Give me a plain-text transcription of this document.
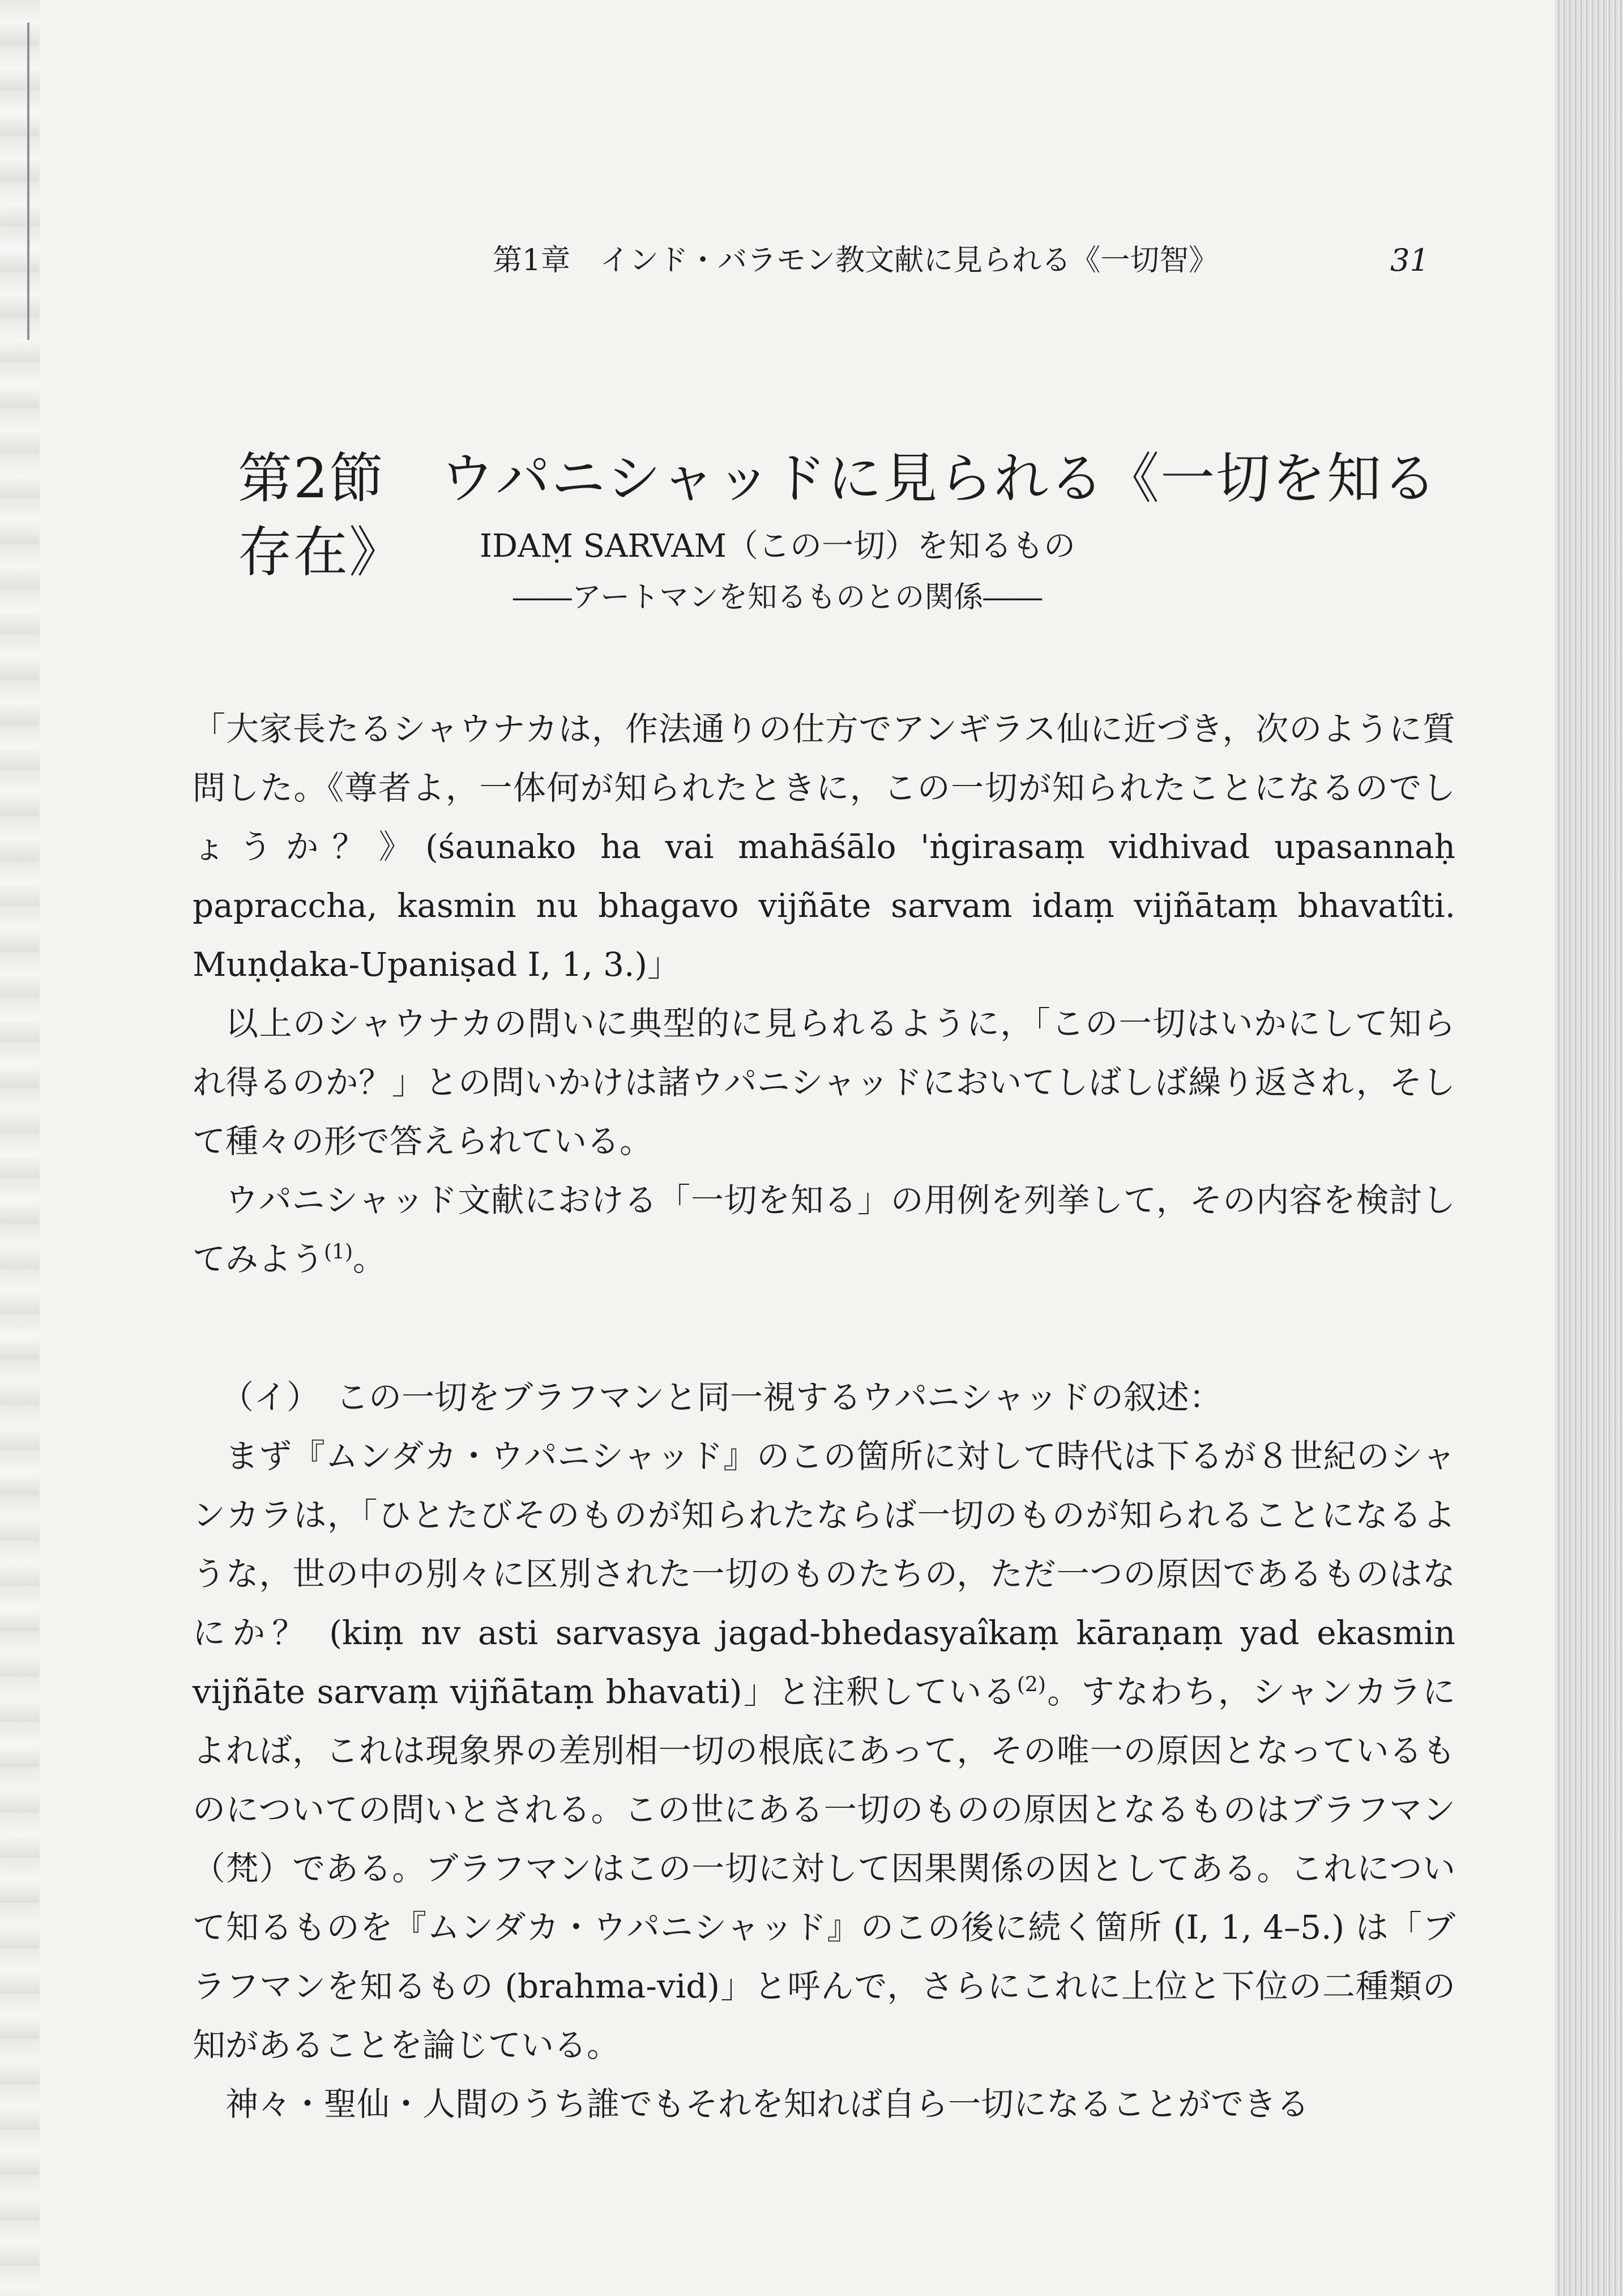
第1章　インド・バラモン教文献に見られる《一切智》	31
第2節　ウパニシャッドに見られる《一切を知る存在》	IDAṂ SARVAM（この一切）を知るもの
――アートマンを知るものとの関係――

「大家長たるシャウナカは，作法通りの仕方でアンギラス仙に近づき，次のように質問した。《尊者よ，一体何が知られたときに，この一切が知られたことになるのでしょうか？》(śaunako ha vai mahāśālo 'ṅgirasaṃ vidhivad upasannaḥ papraccha, kasmin nu bhagavo vijñāte sarvam idaṃ vijñātaṃ bhavatîti. Muṇḍaka-Upaniṣad I, 1, 3.)」

以上のシャウナカの問いに典型的に見られるように，「この一切はいかにして知られ得るのか？」との問いかけは諸ウパニシャッドにおいてしばしば繰り返され，そして種々の形で答えられている。

ウパニシャッド文献における「一切を知る」の用例を列挙して，その内容を検討してみよう$^{(1)}$。

（イ）　この一切をブラフマンと同一視するウパニシャッドの叙述：

まず『ムンダカ・ウパニシャッド』のこの箇所に対して時代は下るが８世紀のシャンカラは，「ひとたびそのものが知られたならば一切のものが知られることになるような，世の中の別々に区別された一切のものたちの，ただ一つの原因であるものはなにか？ (kiṃ nv asti sarvasya jagad-bhedasyaîkaṃ kāraṇaṃ yad ekasmin vijñāte sarvaṃ vijñātaṃ bhavati)」と注釈している$^{(2)}$。すなわち，シャンカラによれば，これは現象界の差別相一切の根底にあって，その唯一の原因となっているものについての問いとされる。この世にある一切のものの原因となるものはブラフマン（梵）である。ブラフマンはこの一切に対して因果関係の因としてある。これについて知るものを『ムンダカ・ウパニシャッド』のこの後に続く箇所 (I, 1, 4–5.) は「ブラフマンを知るもの (brahma-vid)」と呼んで，さらにこれに上位と下位の二種類の知があることを論じている。

神々・聖仙・人間のうち誰でもそれを知れば自ら一切になることができる
